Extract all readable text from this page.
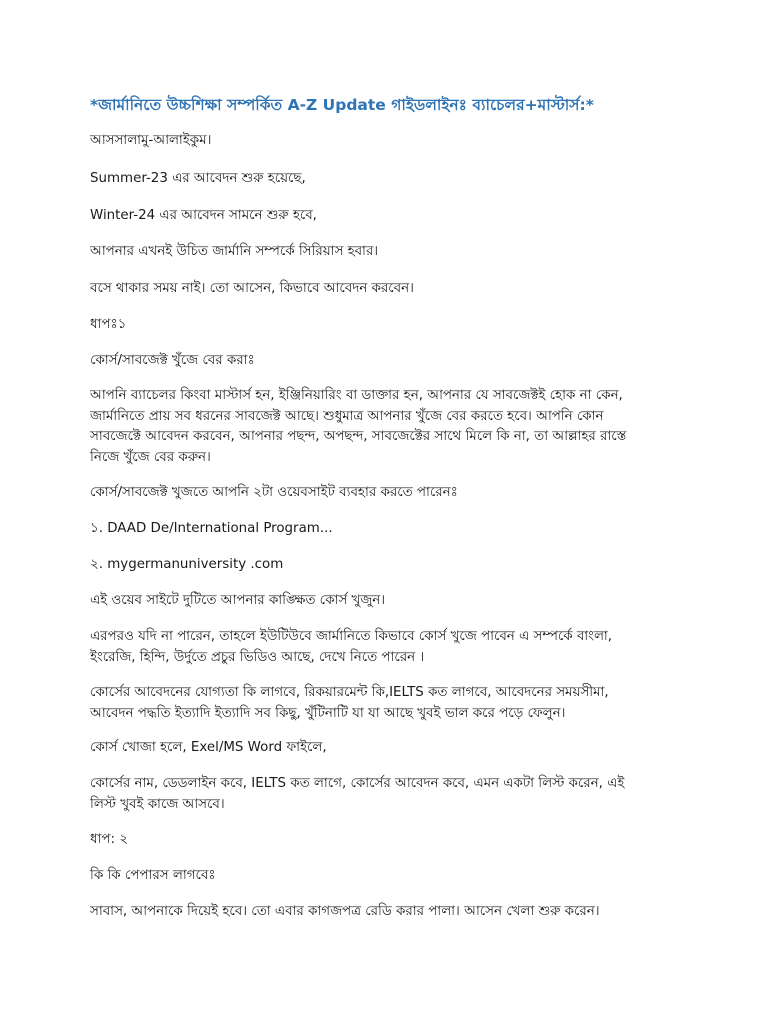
*জার্মানিতে উচ্চশিক্ষা সম্পর্কিত A-Z Update গাইডলাইনঃ ব্যাচেলর+মাস্টার্স:*
আসসালামু-আলাইকুম।
Summer-23 এর আবেদন শুরু হয়েছে,
Winter-24 এর আবেদন সামনে শুরু হবে,
আপনার এখনই উচিত জার্মানি সম্পর্কে সিরিয়াস হবার।
বসে থাকার সময় নাই। তো আসেন, কিভাবে আবেদন করবেন।
ধাপঃ১
কোর্স/সাবজেক্ট খুঁজে বের করাঃ
আপনি ব্যাচেলর কিংবা মাস্টার্স হন, ইঞ্জিনিয়ারিং বা ডাক্তার হন, আপনার যে সাবজেক্টই হোক না কেন,
জার্মানিতে প্রায় সব ধরনের সাবজেক্ট আছে। শুধুমাত্র আপনার খুঁজে বের করতে হবে। আপনি কোন
সাবজেক্টে আবেদন করবেন, আপনার পছন্দ, অপছন্দ, সাবজেক্টের সাথে মিলে কি না, তা আল্লাহর রাস্তে
নিজে খুঁজে বের করুন।
কোর্স/সাবজেক্ট খুজতে আপনি ২টা ওয়েবসাইট ব্যবহার করতে পারেনঃ
১. DAAD De/International Program...
২. mygermanuniversity .com
এই ওয়েব সাইটে দুটিতে আপনার কাঙ্ক্ষিত কোর্স খুজুন।
এরপরও যদি না পারেন, তাহলে ইউটিউবে জার্মানিতে কিভাবে কোর্স খুজে পাবেন এ সম্পর্কে বাংলা,
ইংরেজি, হিন্দি, উর্দুতে প্রচুর ভিডিও আছে, দেখে নিতে পারেন ।
কোর্সের আবেদনের যোগ্যতা কি লাগবে, রিকয়ারমেন্ট কি,IELTS কত লাগবে, আবেদনের সময়সীমা,
আবেদন পদ্ধতি ইত্যাদি ইত্যাদি সব কিছু, খুঁটিনাটি যা যা আছে খুবই ভাল করে পড়ে ফেলুন।
কোর্স খোজা হলে, Exel/MS Word ফাইলে,
কোর্সের নাম, ডেডলাইন কবে, IELTS কত লাগে, কোর্সের আবেদন কবে, এমন একটা লিস্ট করেন, এই
লিস্ট খুবই কাজে আসবে।
ধাপ: ২
কি কি পেপারস লাগবেঃ
সাবাস, আপনাকে দিয়েই হবে। তো এবার কাগজপত্র রেডি করার পালা। আসেন খেলা শুরু করেন।
